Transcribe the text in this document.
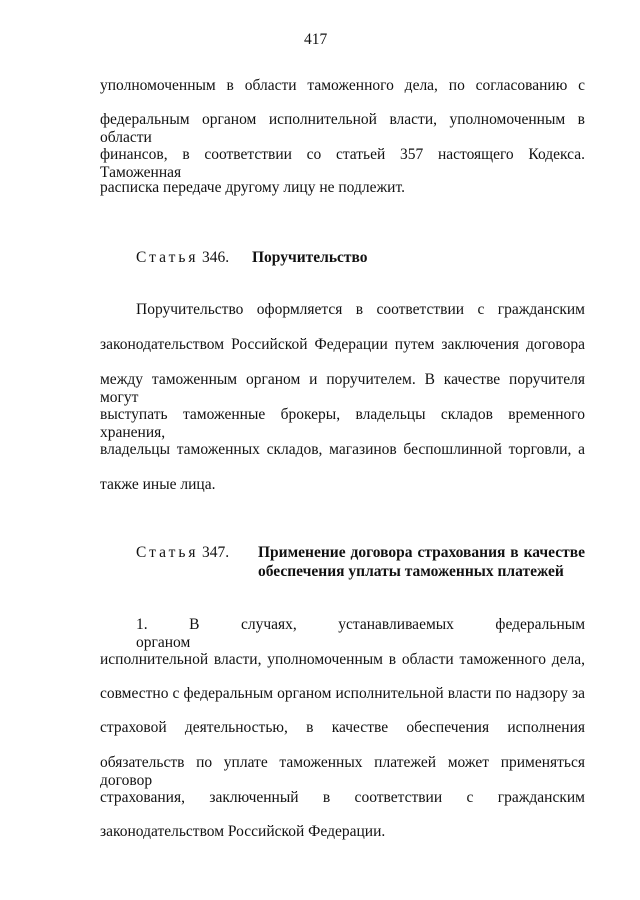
417
уполномоченным в области таможенного дела, по согласованию с
федеральным органом исполнительной власти, уполномоченным в области
финансов, в соответствии со статьей 357 настоящего Кодекса. Таможенная
расписка передаче другому лицу не подлежит.
Статья 346. Поручительство
Поручительство оформляется в соответствии с гражданским
законодательством Российской Федерации путем заключения договора
между таможенным органом и поручителем. В качестве поручителя могут
выступать таможенные брокеры, владельцы складов временного хранения,
владельцы таможенных складов, магазинов беспошлинной торговли, а
также иные лица.
Статья 347. Применение договора страхования в качестве
обеспечения уплаты таможенных платежей
1. В случаях, устанавливаемых федеральным органом
исполнительной власти, уполномоченным в области таможенного дела,
совместно с федеральным органом исполнительной власти по надзору за
страховой деятельностью, в качестве обеспечения исполнения
обязательств по уплате таможенных платежей может применяться договор
страхования, заключенный в соответствии с гражданским
законодательством Российской Федерации.
